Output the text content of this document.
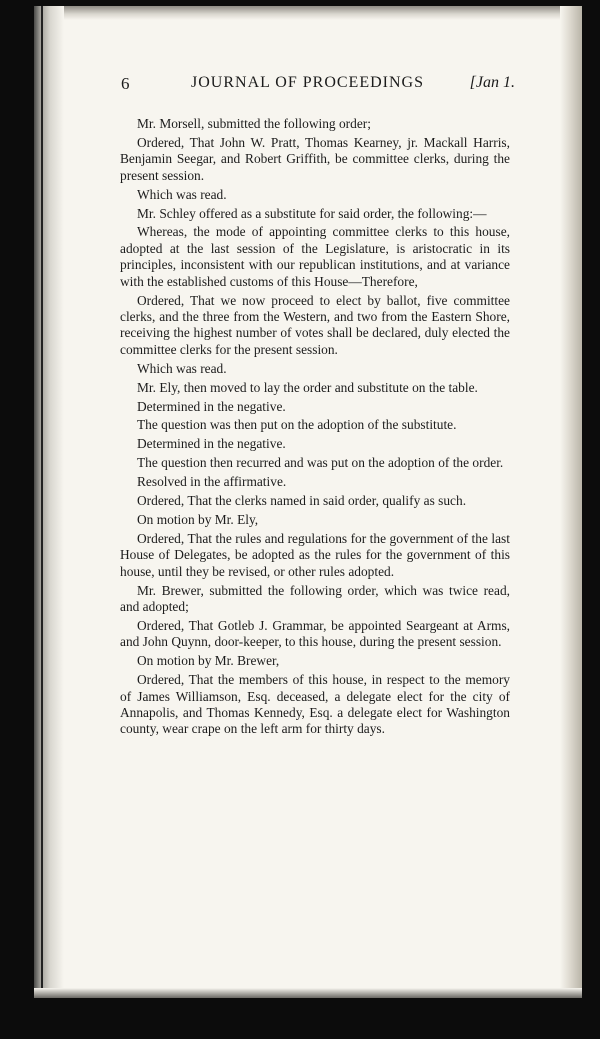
6	JOURNAL OF PROCEEDINGS	[Jan 1.

Mr. Morsell, submitted the following order;

Ordered, That John W. Pratt, Thomas Kearney, jr. Mackall Harris, Benjamin Seegar, and Robert Griffith, be committee clerks, during the present session.

Which was read.

Mr. Schley offered as a substitute for said order, the following:—

Whereas, the mode of appointing committee clerks to this house, adopted at the last session of the Legislature, is aristocratic in its principles, inconsistent with our republican institutions, and at variance with the established customs of this House—Therefore,

Ordered, That we now proceed to elect by ballot, five committee clerks, and the three from the Western, and two from the Eastern Shore, receiving the highest number of votes shall be declared, duly elected the committee clerks for the present session.

Which was read.

Mr. Ely, then moved to lay the order and substitute on the table.

Determined in the negative.

The question was then put on the adoption of the substitute.

Determined in the negative.

The question then recurred and was put on the adoption of the order.

Resolved in the affirmative.

Ordered, That the clerks named in said order, qualify as such.

On motion by Mr. Ely,

Ordered, That the rules and regulations for the government of the last House of Delegates, be adopted as the rules for the government of this house, until they be revised, or other rules adopted.

Mr. Brewer, submitted the following order, which was twice read, and adopted;

Ordered, That Gotleb J. Grammar, be appointed Seargeant at Arms, and John Quynn, door-keeper, to this house, during the present session.

On motion by Mr. Brewer,

Ordered, That the members of this house, in respect to the memory of James Williamson, Esq. deceased, a delegate elect for the city of Annapolis, and Thomas Kennedy, Esq. a delegate elect for Washington county, wear crape on the left arm for thirty days.
